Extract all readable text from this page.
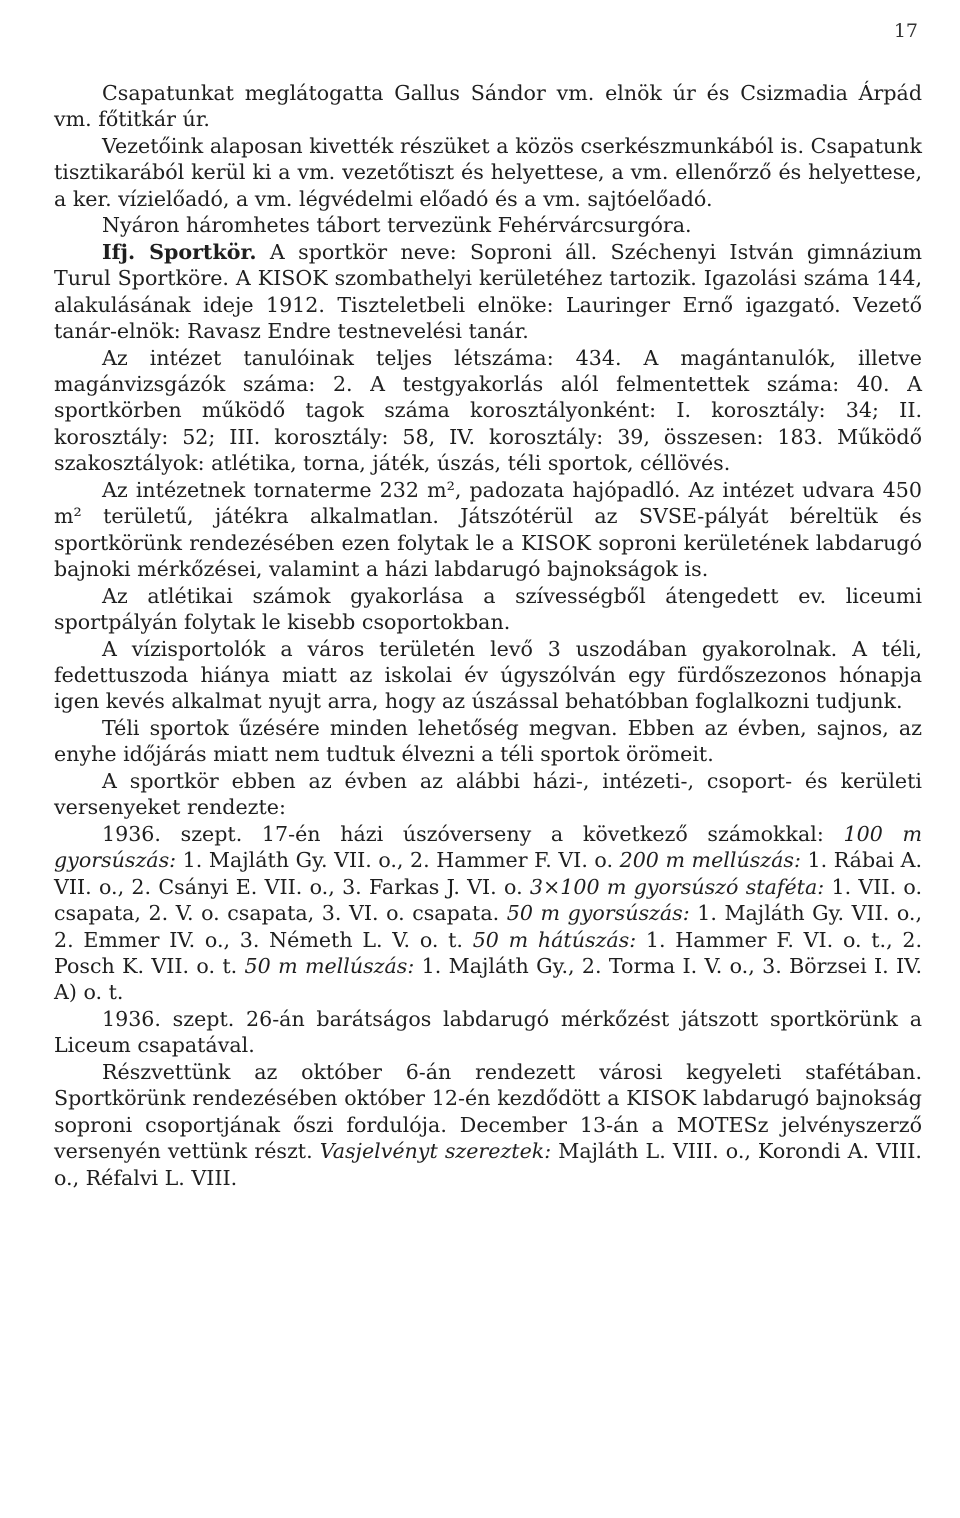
17

Csapatunkat meglátogatta Gallus Sándor vm. elnök úr és Csizmadia Árpád vm. főtitkár úr.

Vezetőink alaposan kivették részüket a közös cserkészmunkából is. Csapatunk tisztikarából kerül ki a vm. vezetőtiszt és helyettese, a vm. ellenőrző és helyettese, a ker. vízielőadó, a vm. légvédelmi előadó és a vm. sajtóelőadó.

Nyáron háromhetes tábort tervezünk Fehérvárcsurgóra.

Ifj. Sportkör. A sportkör neve: Soproni áll. Széchenyi István gimnázium Turul Sportköre. A KISOK szombathelyi kerületéhez tartozik. Igazolási száma 144, alakulásának ideje 1912. Tiszteletbeli elnöke: Lauringer Ernő igazgató. Vezető tanár-elnök: Ravasz Endre testnevelési tanár.

Az intézet tanulóinak teljes létszáma: 434. A magántanulók, illetve magánvizsgázók száma: 2. A testgyakorlás alól felmentettek száma: 40. A sportkörben működő tagok száma korosztályonként: I. korosztály: 34; II. korosztály: 52; III. korosztály: 58, IV. korosztály: 39, összesen: 183. Működő szakosztályok: atlétika, torna, játék, úszás, téli sportok, céllövés.

Az intézetnek tornaterme 232 m², padozata hajópadló. Az intézet udvara 450 m² területű, játékra alkalmatlan. Játszótérül az SVSE-pályát béreltük és sportkörünk rendezésében ezen folytak le a KISOK soproni kerületének labdarugó bajnoki mérkőzései, valamint a házi labdarugó bajnokságok is.

Az atlétikai számok gyakorlása a szívességből átengedett ev. liceumi sportpályán folytak le kisebb csoportokban.

A vízisportolók a város területén levő 3 uszodában gyakorolnak. A téli, fedettuszoda hiánya miatt az iskolai év úgyszólván egy fürdőszezonos hónapja igen kevés alkalmat nyujt arra, hogy az úszással behatóbban foglalkozni tudjunk.

Téli sportok űzésére minden lehetőség megvan. Ebben az évben, sajnos, az enyhe időjárás miatt nem tudtuk élvezni a téli sportok örömeit.

A sportkör ebben az évben az alábbi házi-, intézeti-, csoport- és kerületi versenyeket rendezte:

1936. szept. 17-én házi úszóverseny a következő számokkal: 100 m gyorsúszás: 1. Majláth Gy. VII. o., 2. Hammer F. VI. o. 200 m mellúszás: 1. Rábai A. VII. o., 2. Csányi E. VII. o., 3. Farkas J. VI. o. 3×100 m gyorsúszó staféta: 1. VII. o. csapata, 2. V. o. csapata, 3. VI. o. csapata. 50 m gyorsúszás: 1. Majláth Gy. VII. o., 2. Emmer IV. o., 3. Németh L. V. o. t. 50 m hátúszás: 1. Hammer F. VI. o. t., 2. Posch K. VII. o. t. 50 m mellúszás: 1. Majláth Gy., 2. Torma I. V. o., 3. Börzsei I. IV. A) o. t.

1936. szept. 26-án barátságos labdarugó mérkőzést játszott sportkörünk a Liceum csapatával.

Részvettünk az október 6-án rendezett városi kegyeleti stafétában. Sportkörünk rendezésében október 12-én kezdődött a KISOK labdarugó bajnokság soproni csoportjának őszi fordulója. December 13-án a MOTESz jelvényszerző versenyén vettünk részt. Vasjelvényt szereztek: Majláth L. VIII. o., Korondi A. VIII. o., Réfalvi L. VIII.
